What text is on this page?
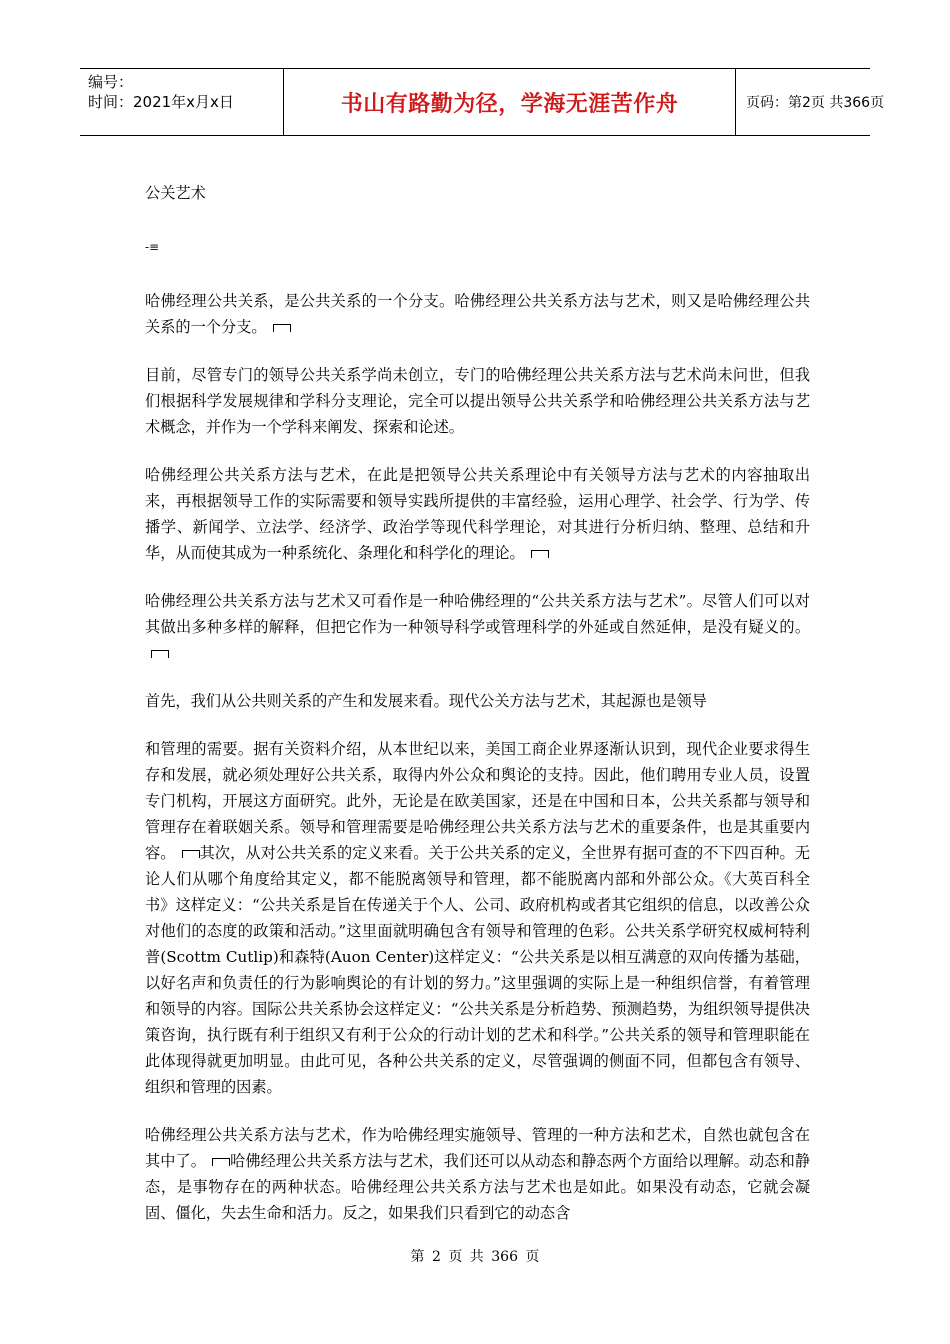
编号：
时间：2021年x月x日	书山有路勤为径，学海无涯苦作舟	页码：第2页 共366页
公关艺术
-≡

哈佛经理公共关系，是公共关系的一个分支。哈佛经理公共关系方法与艺术，则又是哈佛经理公共关系的一个分支。

目前，尽管专门的领导公共关系学尚未创立，专门的哈佛经理公共关系方法与艺术尚未问世，但我们根据科学发展规律和学科分支理论，完全可以提出领导公共关系学和哈佛经理公共关系方法与艺术概念，并作为一个学科来阐发、探索和论述。

哈佛经理公共关系方法与艺术，在此是把领导公共关系理论中有关领导方法与艺术的内容抽取出来，再根据领导工作的实际需要和领导实践所提供的丰富经验，运用心理学、社会学、行为学、传播学、新闻学、立法学、经济学、政治学等现代科学理论，对其进行分析归纳、整理、总结和升华，从而使其成为一种系统化、条理化和科学化的理论。

哈佛经理公共关系方法与艺术又可看作是一种哈佛经理的“公共关系方法与艺术”。尽管人们可以对其做出多种多样的解释，但把它作为一种领导科学或管理科学的外延或自然延伸，是没有疑义的。

首先，我们从公共则关系的产生和发展来看。现代公关方法与艺术，其起源也是领导

和管理的需要。据有关资料介绍，从本世纪以来，美国工商企业界逐渐认识到，现代企业要求得生存和发展，就必须处理好公共关系，取得内外公众和舆论的支持。因此，他们聘用专业人员，设置专门机构，开展这方面研究。此外，无论是在欧美国家，还是在中国和日本，公共关系都与领导和管理存在着联姻关系。领导和管理需要是哈佛经理公共关系方法与艺术的重要条件，也是其重要内容。 其次，从对公共关系的定义来看。关于公共关系的定义，全世界有据可查的不下四百种。无论人们从哪个角度给其定义，都不能脱离领导和管理，都不能脱离内部和外部公众。《大英百科全书》这样定义：“公共关系是旨在传递关于个人、公司、政府机构或者其它组织的信息，以改善公众对他们的态度的政策和活动。”这里面就明确包含有领导和管理的色彩。公共关系学研究权威柯特利普(Scottm Cutlip)和森特(Auon Center)这样定义：“公共关系是以相互满意的双向传播为基础，以好名声和负责任的行为影响舆论的有计划的努力。”这里强调的实际上是一种组织信誉，有着管理和领导的内容。国际公共关系协会这样定义：“公共关系是分析趋势、预测趋势，为组织领导提供决策咨询，执行既有利于组织又有利于公众的行动计划的艺术和科学。”公共关系的领导和管理职能在此体现得就更加明显。由此可见，各种公共关系的定义，尽管强调的侧面不同，但都包含有领导、组织和管理的因素。

哈佛经理公共关系方法与艺术，作为哈佛经理实施领导、管理的一种方法和艺术，自然也就包含在其中了。 哈佛经理公共关系方法与艺术，我们还可以从动态和静态两个方面给以理解。动态和静态，是事物存在的两种状态。哈佛经理公共关系方法与艺术也是如此。如果没有动态，它就会凝固、僵化，失去生命和活力。反之，如果我们只看到它的动态含

第 2 页 共 366 页
